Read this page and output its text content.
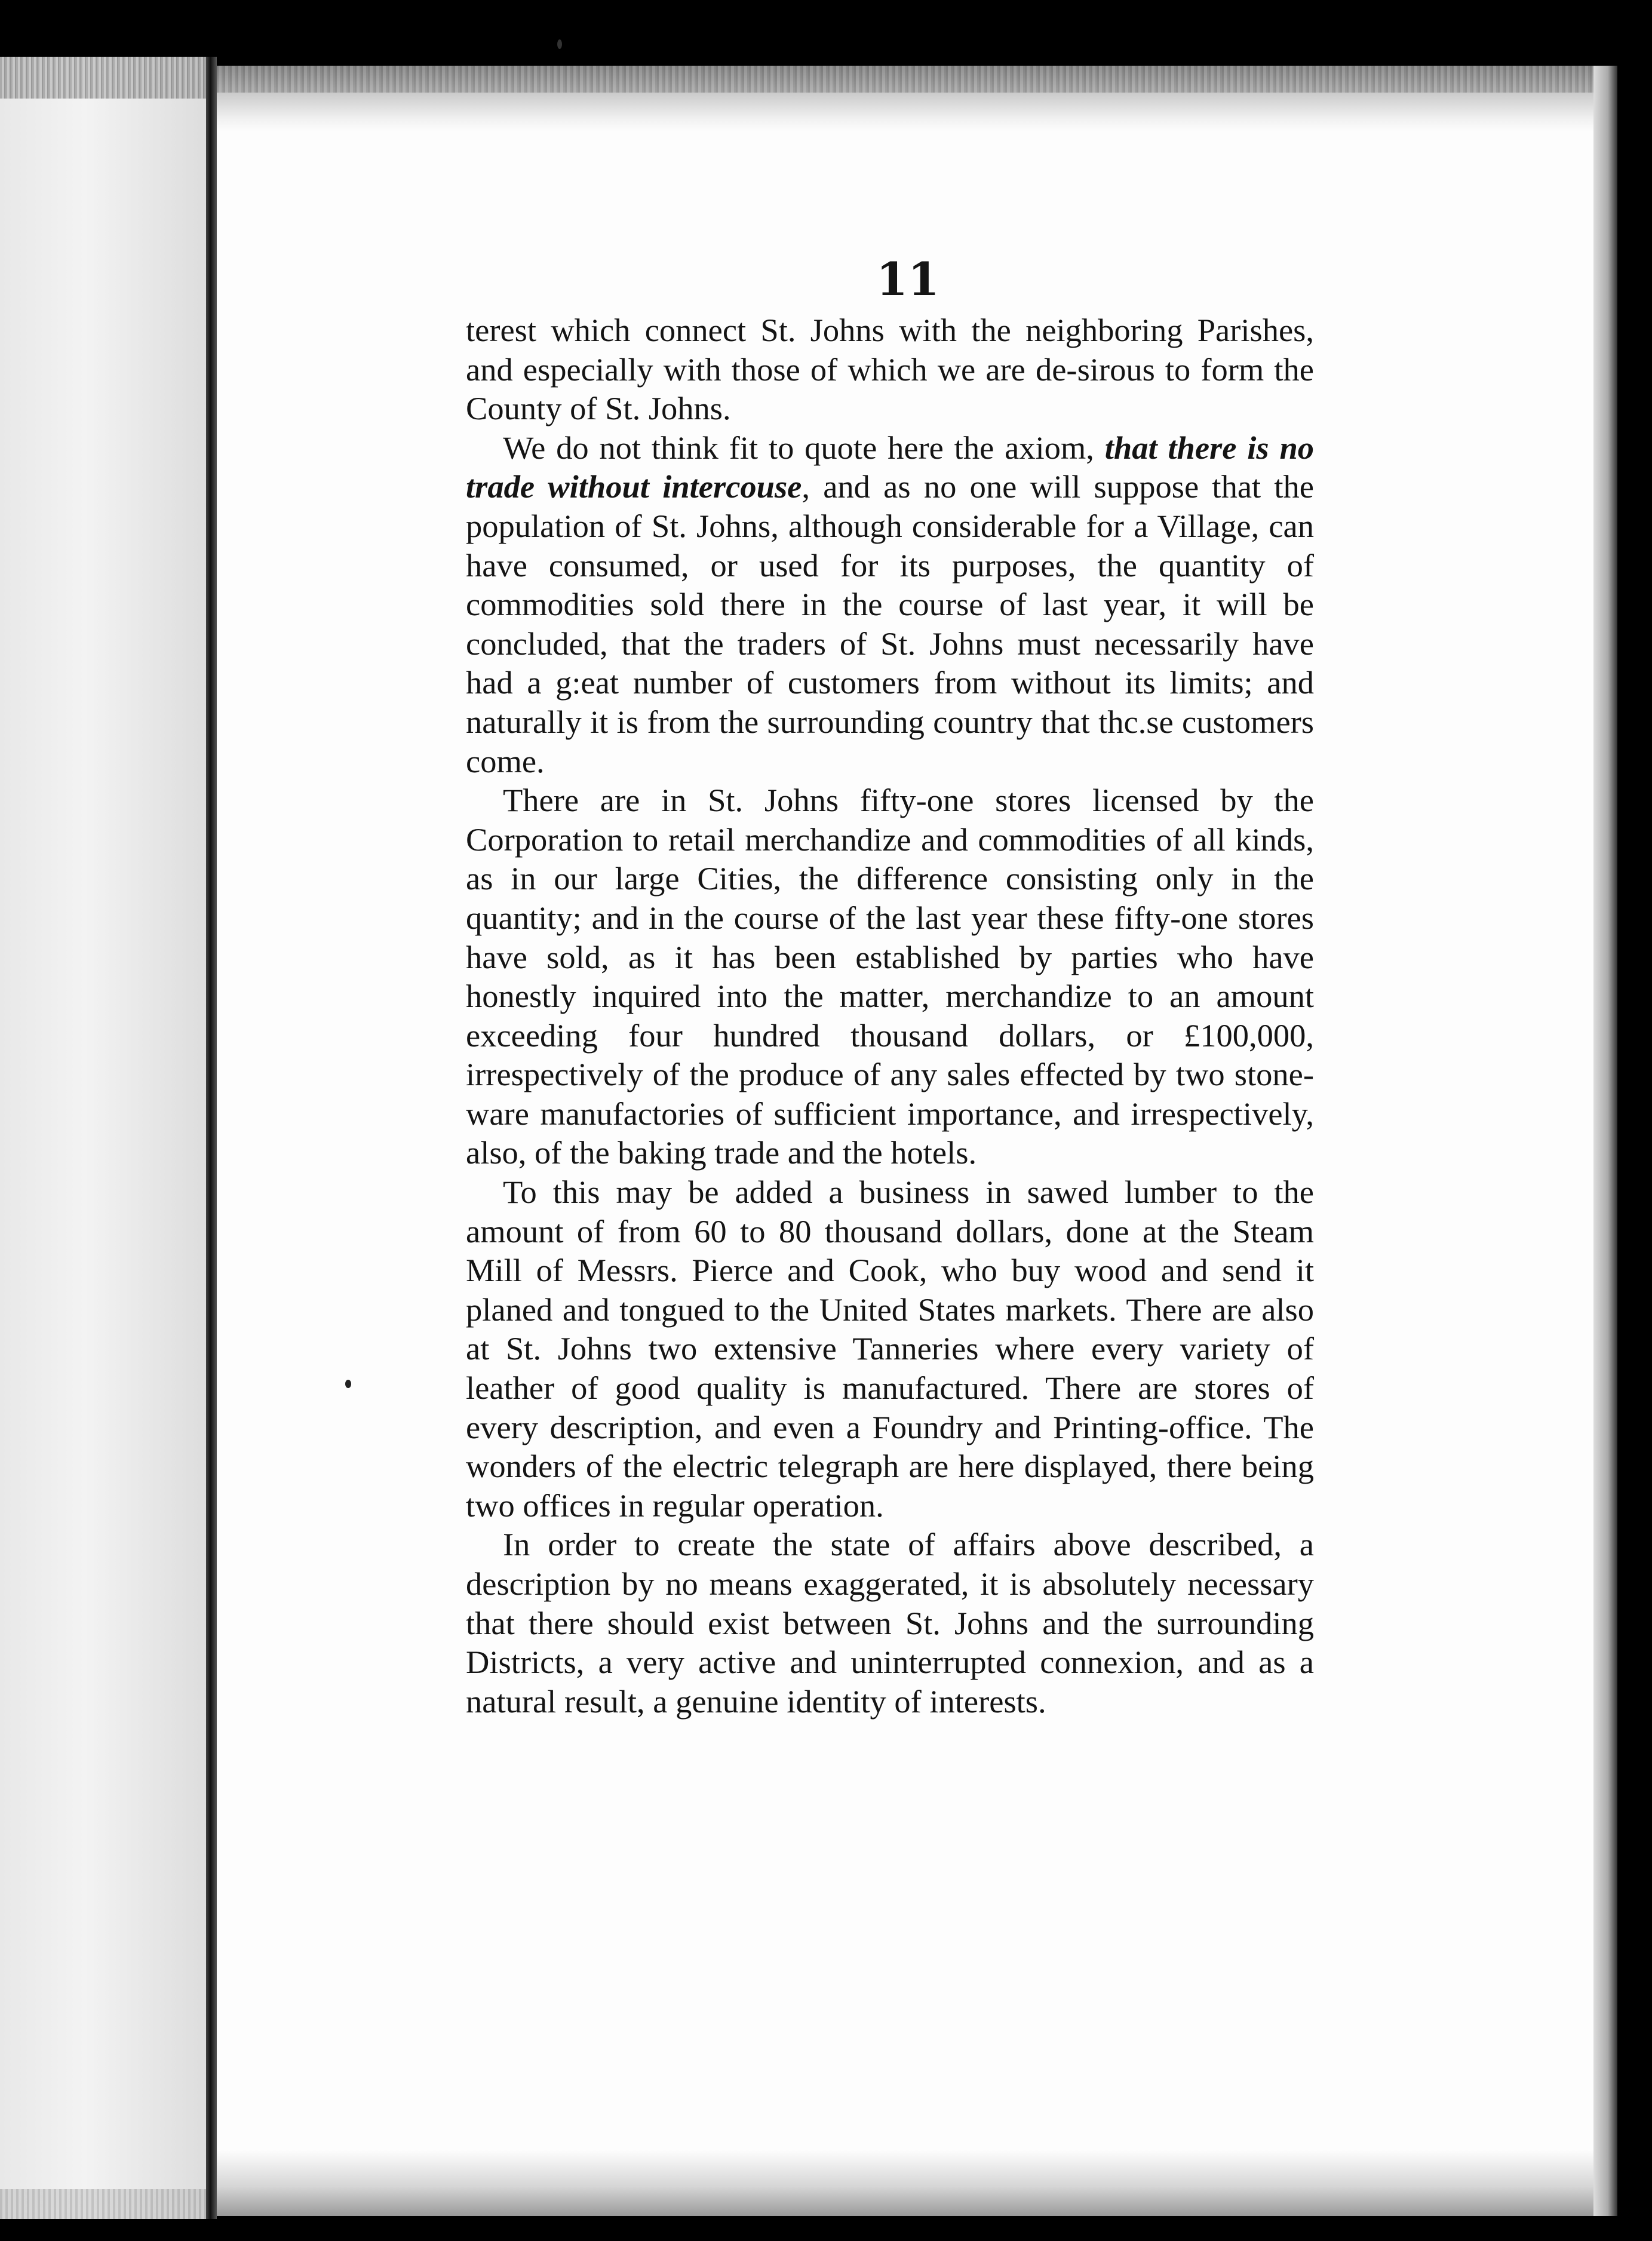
11

terest which connect St. Johns with the neighboring Parishes, and especially with those of which we are de-sirous to form the County of St. Johns.

We do not think fit to quote here the axiom, that there is no trade without intercouse, and as no one will suppose that the population of St. Johns, although considerable for a Village, can have consumed, or used for its purposes, the quantity of commodities sold there in the course of last year, it will be concluded, that the traders of St. Johns must necessarily have had a g:eat number of customers from without its limits; and naturally it is from the surrounding country that thc.se customers come.

There are in St. Johns fifty-one stores licensed by the Corporation to retail merchandize and commodities of all kinds, as in our large Cities, the difference consisting only in the quantity; and in the course of the last year these fifty-one stores have sold, as it has been established by parties who have honestly inquired into the matter, merchandize to an amount exceeding four hundred thousand dollars, or £100,000, irrespectively of the produce of any sales effected by two stone-ware manufactories of sufficient importance, and irrespectively, also, of the baking trade and the hotels.

To this may be added a business in sawed lumber to the amount of from 60 to 80 thousand dollars, done at the Steam Mill of Messrs. Pierce and Cook, who buy wood and send it planed and tongued to the United States markets. There are also at St. Johns two extensive Tanneries where every variety of leather of good quality is manufactured. There are stores of every description, and even a Foundry and Printing-office. The wonders of the electric telegraph are here displayed, there being two offices in regular operation.

In order to create the state of affairs above described, a description by no means exaggerated, it is absolutely necessary that there should exist between St. Johns and the surrounding Districts, a very active and uninterrupted connexion, and as a natural result, a genuine identity of interests.
